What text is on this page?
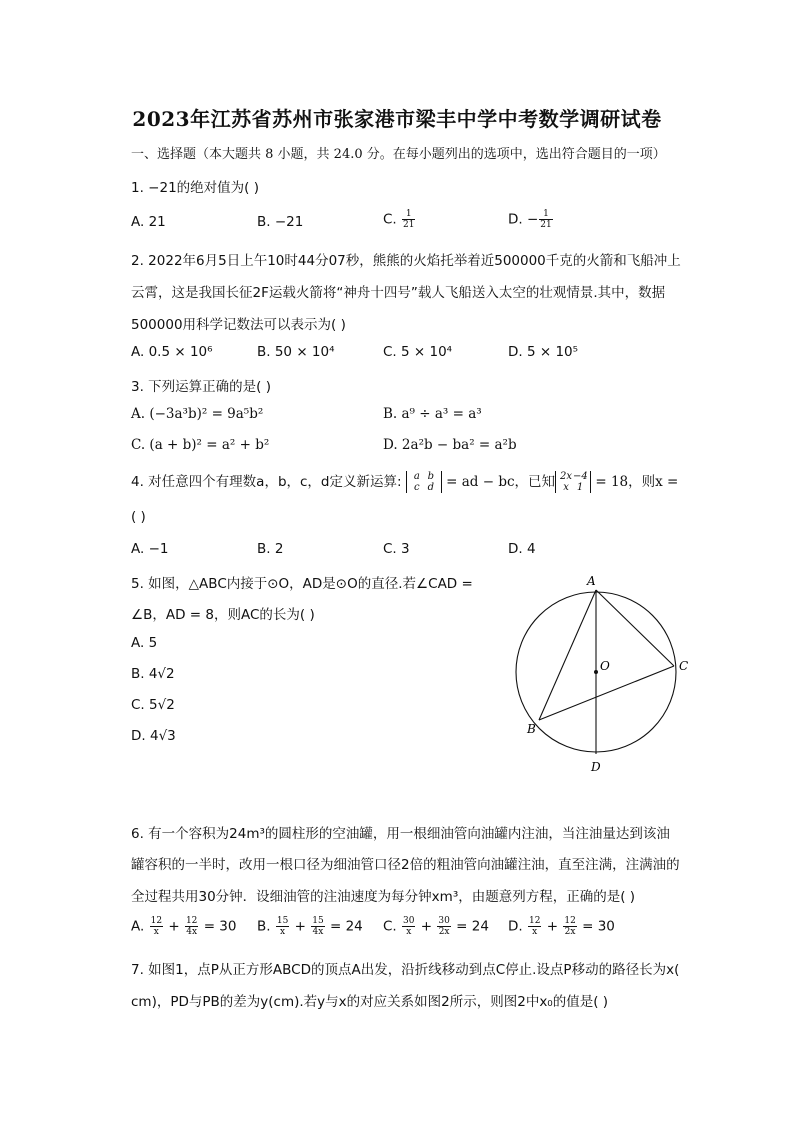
2023年江苏省苏州市张家港市梁丰中学中考数学调研试卷
一、选择题（本大题共 8 小题，共 24.0 分。在每小题列出的选项中，选出符合题目的一项）
1. −21的绝对值为( )
A. 21	B. −21	C. $\frac{1}{21}$	D. − $\frac{1}{21}$
2. 2022年6月5日上午10时44分07秒，熊熊的火焰托举着近500000千克的火箭和飞船冲上
云霄，这是我国长征2F运载火箭将“神舟十四号”载人飞船送入太空的壮观情景.其中，数据
500000用科学记数法可以表示为( )
A. 0.5 × 10⁶	B. 50 × 10⁴	C. 5 × 10⁴	D. 5 × 10⁵
3. 下列运算正确的是( )
A. (−3a³b)² = 9a⁵b²	B. a⁹ ÷ a³ = a³
C. (a + b)² = a² + b²	D. 2a²b − ba² = a²b
4. 对任意四个有理数a，b，c，d定义新运算: a b
c d = ad − bc，已知 2x−4
x 1 = 18，则x =
( )
A. −1	B. 2	C. 3	D. 4
5. 如图，△ABC内接于⊙O，AD是⊙O的直径.若∠CAD =
∠B，AD = 8，则AC的长为( )
A. 5
B. 4√2
C. 5√2
D. 4√3
A
B
C
D
O
6. 有一个容积为24m³的圆柱形的空油罐，用一根细油管向油罐内注油，当注油量达到该油
罐容积的一半时，改用一根口径为细油管口径2倍的粗油管向油罐注油，直至注满，注满油的
全过程共用30分钟．设细油管的注油速度为每分钟xm³，由题意列方程，正确的是( )
A. $\frac{12}{x} + \frac{12}{4x} = 30$ B. $\frac{15}{x} + \frac{15}{4x} = 24$ C. $\frac{30}{x} + \frac{30}{2x} = 24$ D. $\frac{12}{x} + \frac{12}{2x} = 30$
7. 如图1，点P从正方形ABCD的顶点A出发，沿折线移动到点C停止.设点P移动的路径长为x(
cm)，PD与PB的差为y(cm).若y与x的对应关系如图2所示，则图2中x₀的值是( )
